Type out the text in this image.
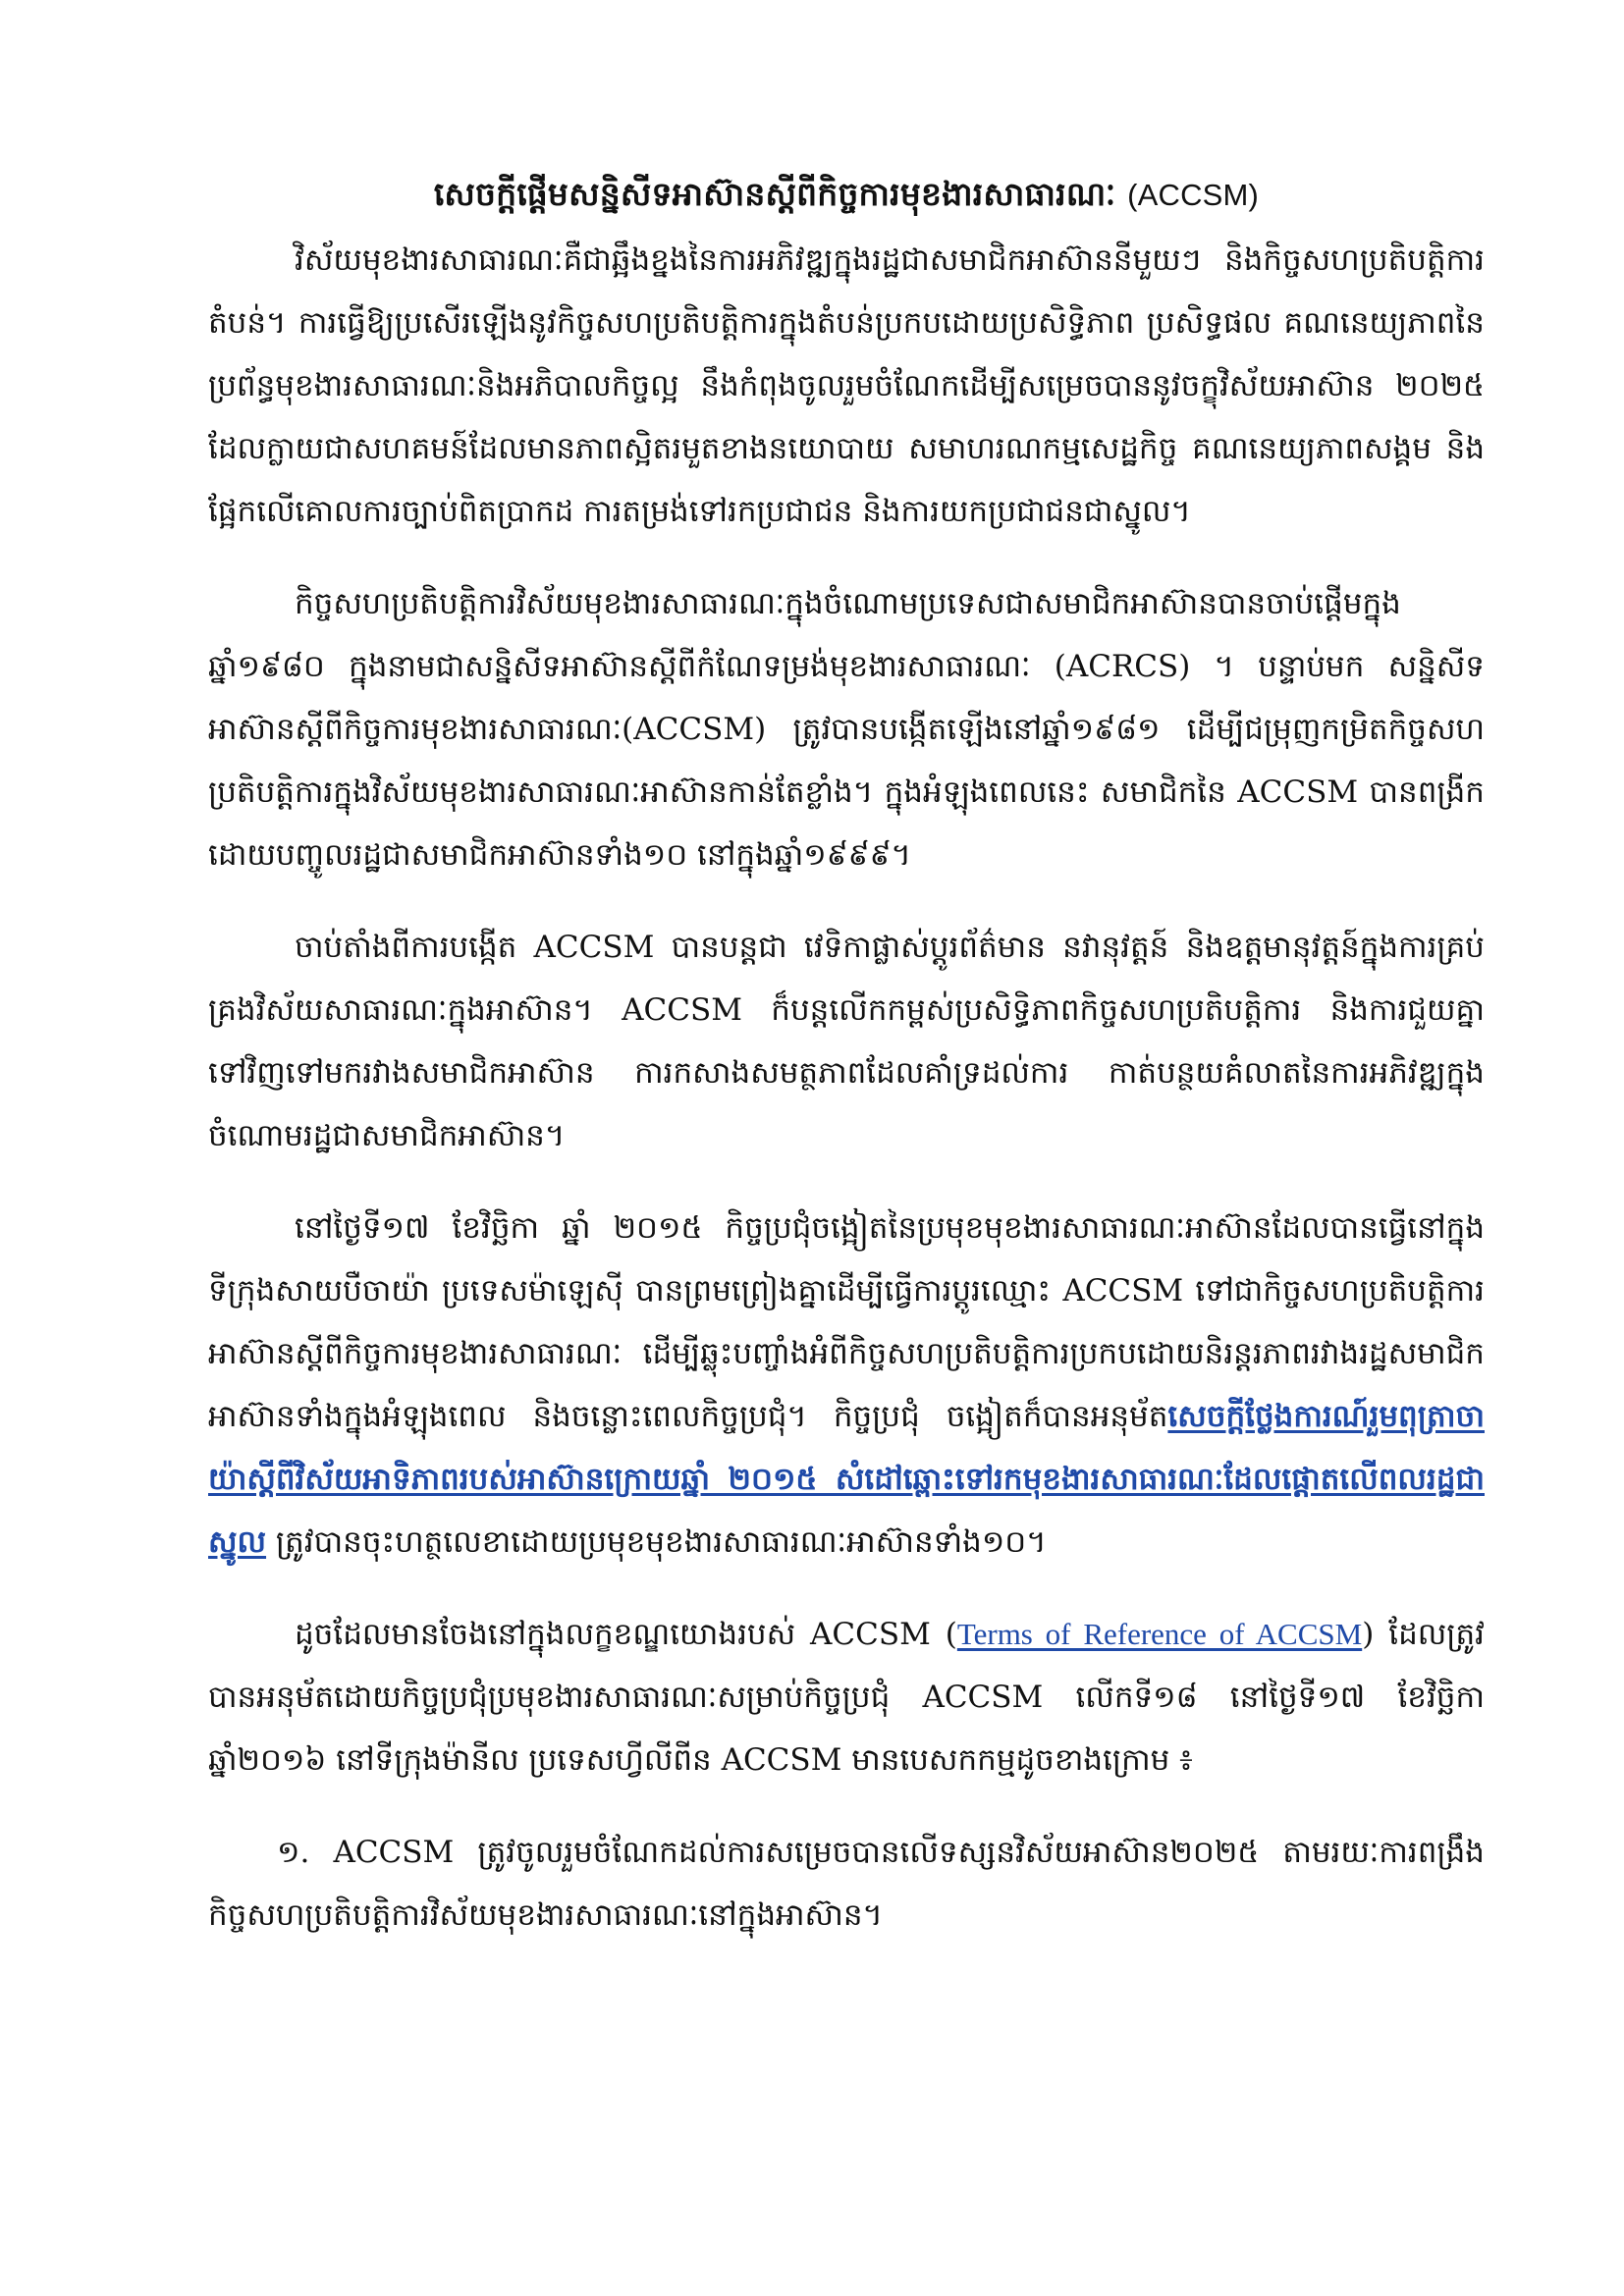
សេចក្តីផ្តើមសន្និសីទអាស៊ានស្តីពីកិច្ចការមុខងារសាធារណៈ (ACCSM)

វិស័យមុខងារសាធារណៈគឺជាឆ្អឹងខ្នងនៃការអភិវឌ្ឍក្នុងរដ្ឋជាសមាជិកអាស៊ាននីមួយៗ និងកិច្ចសហប្រតិបត្តិការតំបន់។ ការធ្វើឱ្យប្រសើរឡើងនូវកិច្ចសហប្រតិបត្តិការក្នុងតំបន់ប្រកបដោយប្រសិទ្ធិភាព ប្រសិទ្ធផល គណនេយ្យភាពនៃប្រព័ន្ធមុខងារសាធារណៈនិងអភិបាលកិច្ចល្អ នឹងកំពុងចូលរួមចំណែកដើម្បីសម្រេចបាននូវចក្ខុវិស័យអាស៊ាន ២០២៥ ដែលក្លាយជាសហគមន៍ដែលមានភាពស្អិតរមួតខាងនយោបាយ សមាហរណកម្មសេដ្ឋកិច្ច គណនេយ្យភាពសង្គម និងផ្អែកលើគោលការច្បាប់ពិតប្រាកដ ការតម្រង់ទៅរកប្រជាជន និងការយកប្រជាជនជាស្នូល។

កិច្ចសហប្រតិបត្តិការវិស័យមុខងារសាធារណៈក្នុងចំណោមប្រទេសជាសមាជិកអាស៊ានបានចាប់ផ្តើមក្នុងឆ្នាំ១៩៨០ ក្នុងនាមជាសន្និសីទអាស៊ានស្តីពីកំណែទម្រង់មុខងារសាធារណៈ (ACRCS) ។ បន្ទាប់មក សន្និសីទអាស៊ានស្តីពីកិច្ចការមុខងារសាធារណៈ(ACCSM) ត្រូវបានបង្កើតឡើងនៅឆ្នាំ១៩៨១ ដើម្បីជម្រុញកម្រិតកិច្ចសហប្រតិបត្តិការក្នុងវិស័យមុខងារសាធារណៈអាស៊ានកាន់តែខ្លាំង។ ក្នុងអំឡុងពេលនេះ សមាជិកនៃ ACCSM បានពង្រីកដោយបញ្ចូលរដ្ឋជាសមាជិកអាស៊ានទាំង១០ នៅក្នុងឆ្នាំ១៩៩៩។

ចាប់តាំងពីការបង្កើត ACCSM បានបន្តជា វេទិកាផ្លាស់ប្តូរព័ត៌មាន នវានុវត្តន៍ និងឧត្តមានុវត្តន៍ក្នុងការគ្រប់គ្រងវិស័យសាធារណៈក្នុងអាស៊ាន។ ACCSM ក៏បន្តលើកកម្ពស់ប្រសិទ្ធិភាពកិច្ចសហប្រតិបត្តិការ និងការជួយគ្នាទៅវិញទៅមករវាងសមាជិកអាស៊ាន ការកសាងសមត្ថភាពដែលគាំទ្រដល់ការ កាត់បន្ថយគំលាតនៃការអភិវឌ្ឍក្នុងចំណោមរដ្ឋជាសមាជិកអាស៊ាន។

នៅថ្ងៃទី១៧ ខែវិច្ឆិកា ឆ្នាំ ២០១៥ កិច្ចប្រជុំចង្អៀតនៃប្រមុខមុខងារសាធារណៈអាស៊ានដែលបានធ្វើនៅក្នុងទីក្រុងសាយបឺចាយ៉ា ប្រទេសម៉ាឡេស៊ី បានព្រមព្រៀងគ្នាដើម្បីធ្វើការប្តូរឈ្មោះ ACCSM ទៅជាកិច្ចសហប្រតិបត្តិការអាស៊ានស្តីពីកិច្ចការមុខងារសាធារណៈ ដើម្បីឆ្លុះបញ្ចាំងអំពីកិច្ចសហប្រតិបត្តិការប្រកបដោយនិរន្តរភាពរវាងរដ្ឋសមាជិកអាស៊ានទាំងក្នុងអំឡុងពេល និងចន្លោះពេលកិច្ចប្រជុំ។ កិច្ចប្រជុំ ចង្អៀតក៏បានអនុម័តសេចក្តីថ្លែងការណ៍រួមពុត្រាចាយ៉ាស្តីពីវិស័យអាទិភាពរបស់អាស៊ានក្រោយឆ្នាំ ២០១៥ សំដៅឆ្ពោះទៅរកមុខងារសាធារណៈដែលផ្តោតលើពលរដ្ឋជាស្នូល ត្រូវបានចុះហត្ថលេខាដោយប្រមុខមុខងារសាធារណៈអាស៊ានទាំង១០។

ដូចដែលមានចែងនៅក្នុងលក្ខខណ្ឌយោងរបស់ ACCSM (Terms of Reference of ACCSM) ដែលត្រូវបានអនុម័តដោយកិច្ចប្រជុំប្រមុខងារសាធារណៈសម្រាប់កិច្ចប្រជុំ ACCSM លើកទី១៨ នៅថ្ងៃទី១៧ ខែវិច្ឆិកា ឆ្នាំ២០១៦ នៅទីក្រុងម៉ានីល ប្រទេសហ្វីលីពីន ACCSM មានបេសកកម្មដូចខាងក្រោម ៖

១. ACCSM ត្រូវចូលរួមចំណែកដល់ការសម្រេចបានលើទស្សនវិស័យអាស៊ាន២០២៥ តាមរយៈការពង្រឹងកិច្ចសហប្រតិបត្តិការវិស័យមុខងារសាធារណៈនៅក្នុងអាស៊ាន។
